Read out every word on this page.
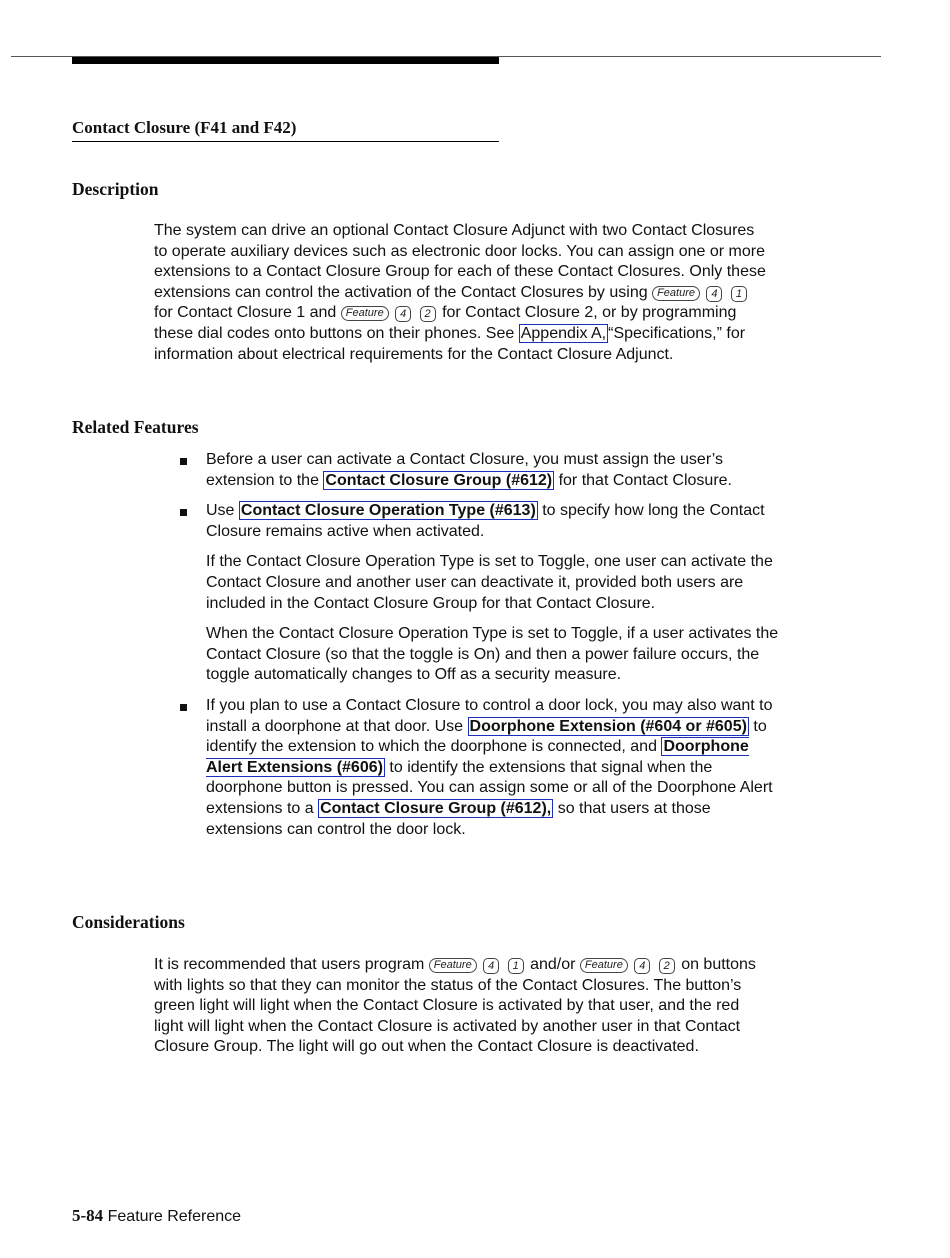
Contact Closure (F41 and F42)
Description

The system can drive an optional Contact Closure Adjunct with two Contact Closures to operate auxiliary devices such as electronic door locks. You can assign one or more extensions to a Contact Closure Group for each of these Contact Closures. Only these extensions can control the activation of the Contact Closures by using Feature 4 1 for Contact Closure 1 and Feature 4 2 for Contact Closure 2, or by programming these dial codes onto buttons on their phones. See Appendix A, “Specifications,” for information about electrical requirements for the Contact Closure Adjunct.

Related Features
Before a user can activate a Contact Closure, you must assign the user’s extension to the Contact Closure Group (#612) for that Contact Closure.

Use Contact Closure Operation Type (#613) to specify how long the Contact Closure remains active when activated.

If the Contact Closure Operation Type is set to Toggle, one user can activate the Contact Closure and another user can deactivate it, provided both users are included in the Contact Closure Group for that Contact Closure.

When the Contact Closure Operation Type is set to Toggle, if a user activates the Contact Closure (so that the toggle is On) and then a power failure occurs, the toggle automatically changes to Off as a security measure.

If you plan to use a Contact Closure to control a door lock, you may also want to install a doorphone at that door. Use Doorphone Extension (#604 or #605) to identify the extension to which the doorphone is connected, and Doorphone Alert Extensions (#606) to identify the extensions that signal when the doorphone button is pressed. You can assign some or all of the Doorphone Alert extensions to a Contact Closure Group (#612), so that users at those extensions can control the door lock.
Considerations

It is recommended that users program Feature 4 1 and/or Feature 4 2 on buttons with lights so that they can monitor the status of the Contact Closures. The button’s green light will light when the Contact Closure is activated by that user, and the red light will light when the Contact Closure is activated by another user in that Contact Closure Group. The light will go out when the Contact Closure is deactivated.

5-84 Feature Reference
